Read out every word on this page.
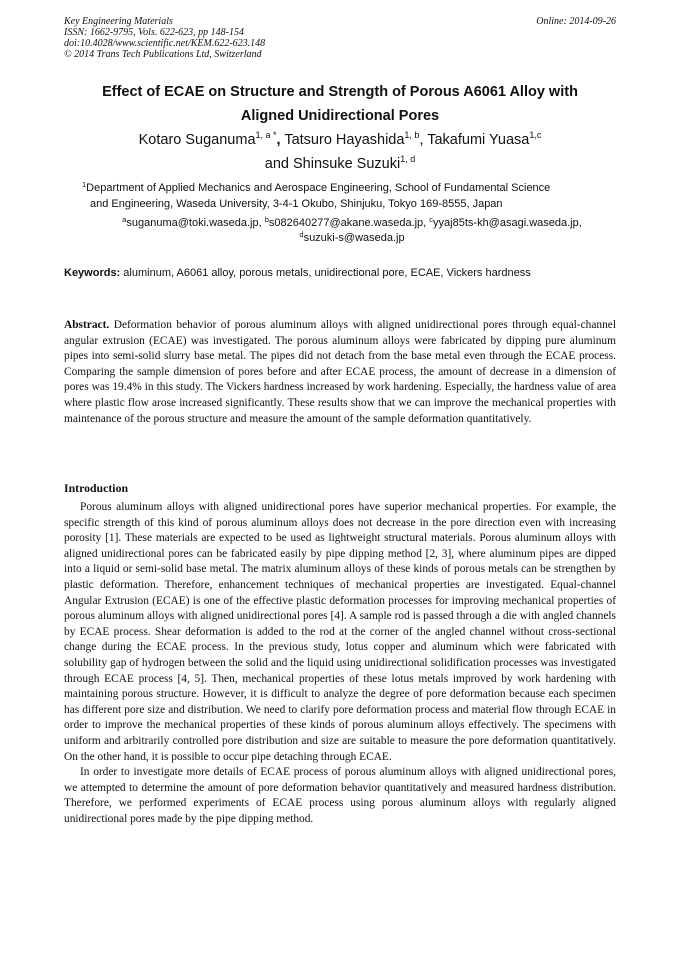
Key Engineering Materials
ISSN: 1662-9795, Vols. 622-623, pp 148-154
doi:10.4028/www.scientific.net/KEM.622-623.148
© 2014 Trans Tech Publications Ltd, Switzerland
Online: 2014-09-26
Effect of ECAE on Structure and Strength of Porous A6061 Alloy with
Aligned Unidirectional Pores
Kotaro Suganuma$^{1, a *}$, Tatsuro Hayashida$^{1, b}$, Takafumi Yuasa$^{1,c}$
and Shinsuke Suzuki$^{1, d}$
$^1$Department of Applied Mechanics and Aerospace Engineering, School of Fundamental Science
and Engineering, Waseda University, 3-4-1 Okubo, Shinjuku, Tokyo 169-8555, Japan
$^a$suganuma@toki.waseda.jp, $^b$s082640277@akane.waseda.jp, $^c$yyaj85ts-kh@asagi.waseda.jp,
$^d$suzuki-s@waseda.jp
Keywords: aluminum, A6061 alloy, porous metals, unidirectional pore, ECAE, Vickers hardness
Abstract. Deformation behavior of porous aluminum alloys with aligned unidirectional pores through equal-channel angular extrusion (ECAE) was investigated. The porous aluminum alloys were fabricated by dipping pure aluminum pipes into semi-solid slurry base metal. The pipes did not detach from the base metal even through the ECAE process. Comparing the sample dimension of pores before and after ECAE process, the amount of decrease in a dimension of pores was 19.4% in this study. The Vickers hardness increased by work hardening. Especially, the hardness value of area where plastic flow arose increased significantly. These results show that we can improve the mechanical properties with maintenance of the porous structure and measure the amount of the sample deformation quantitatively.
Introduction

Porous aluminum alloys with aligned unidirectional pores have superior mechanical properties. For example, the specific strength of this kind of porous aluminum alloys does not decrease in the pore direction even with increasing porosity [1]. These materials are expected to be used as lightweight structural materials. Porous aluminum alloys with aligned unidirectional pores can be fabricated easily by pipe dipping method [2, 3], where aluminum pipes are dipped into a liquid or semi-solid base metal. The matrix aluminum alloys of these kinds of porous metals can be strengthen by plastic deformation. Therefore, enhancement techniques of mechanical properties are investigated. Equal-channel Angular Extrusion (ECAE) is one of the effective plastic deformation processes for improving mechanical properties of porous aluminum alloys with aligned unidirectional pores [4]. A sample rod is passed through a die with angled channels by ECAE process. Shear deformation is added to the rod at the corner of the angled channel without cross-sectional change during the ECAE process. In the previous study, lotus copper and aluminum which were fabricated with solubility gap of hydrogen between the solid and the liquid using unidirectional solidification processes was investigated through ECAE process [4, 5]. Then, mechanical properties of these lotus metals improved by work hardening with maintaining porous structure. However, it is difficult to analyze the degree of pore deformation because each specimen has different pore size and distribution. We need to clarify pore deformation process and material flow through ECAE in order to improve the mechanical properties of these kinds of porous aluminum alloys effectively. The specimens with uniform and arbitrarily controlled pore distribution and size are suitable to measure the pore deformation quantitatively. On the other hand, it is possible to occur pipe detaching through ECAE.

In order to investigate more details of ECAE process of porous aluminum alloys with aligned unidirectional pores, we attempted to determine the amount of pore deformation behavior quantitatively and measured hardness distribution. Therefore, we performed experiments of ECAE process using porous aluminum alloys with regularly aligned unidirectional pores made by the pipe dipping method.
